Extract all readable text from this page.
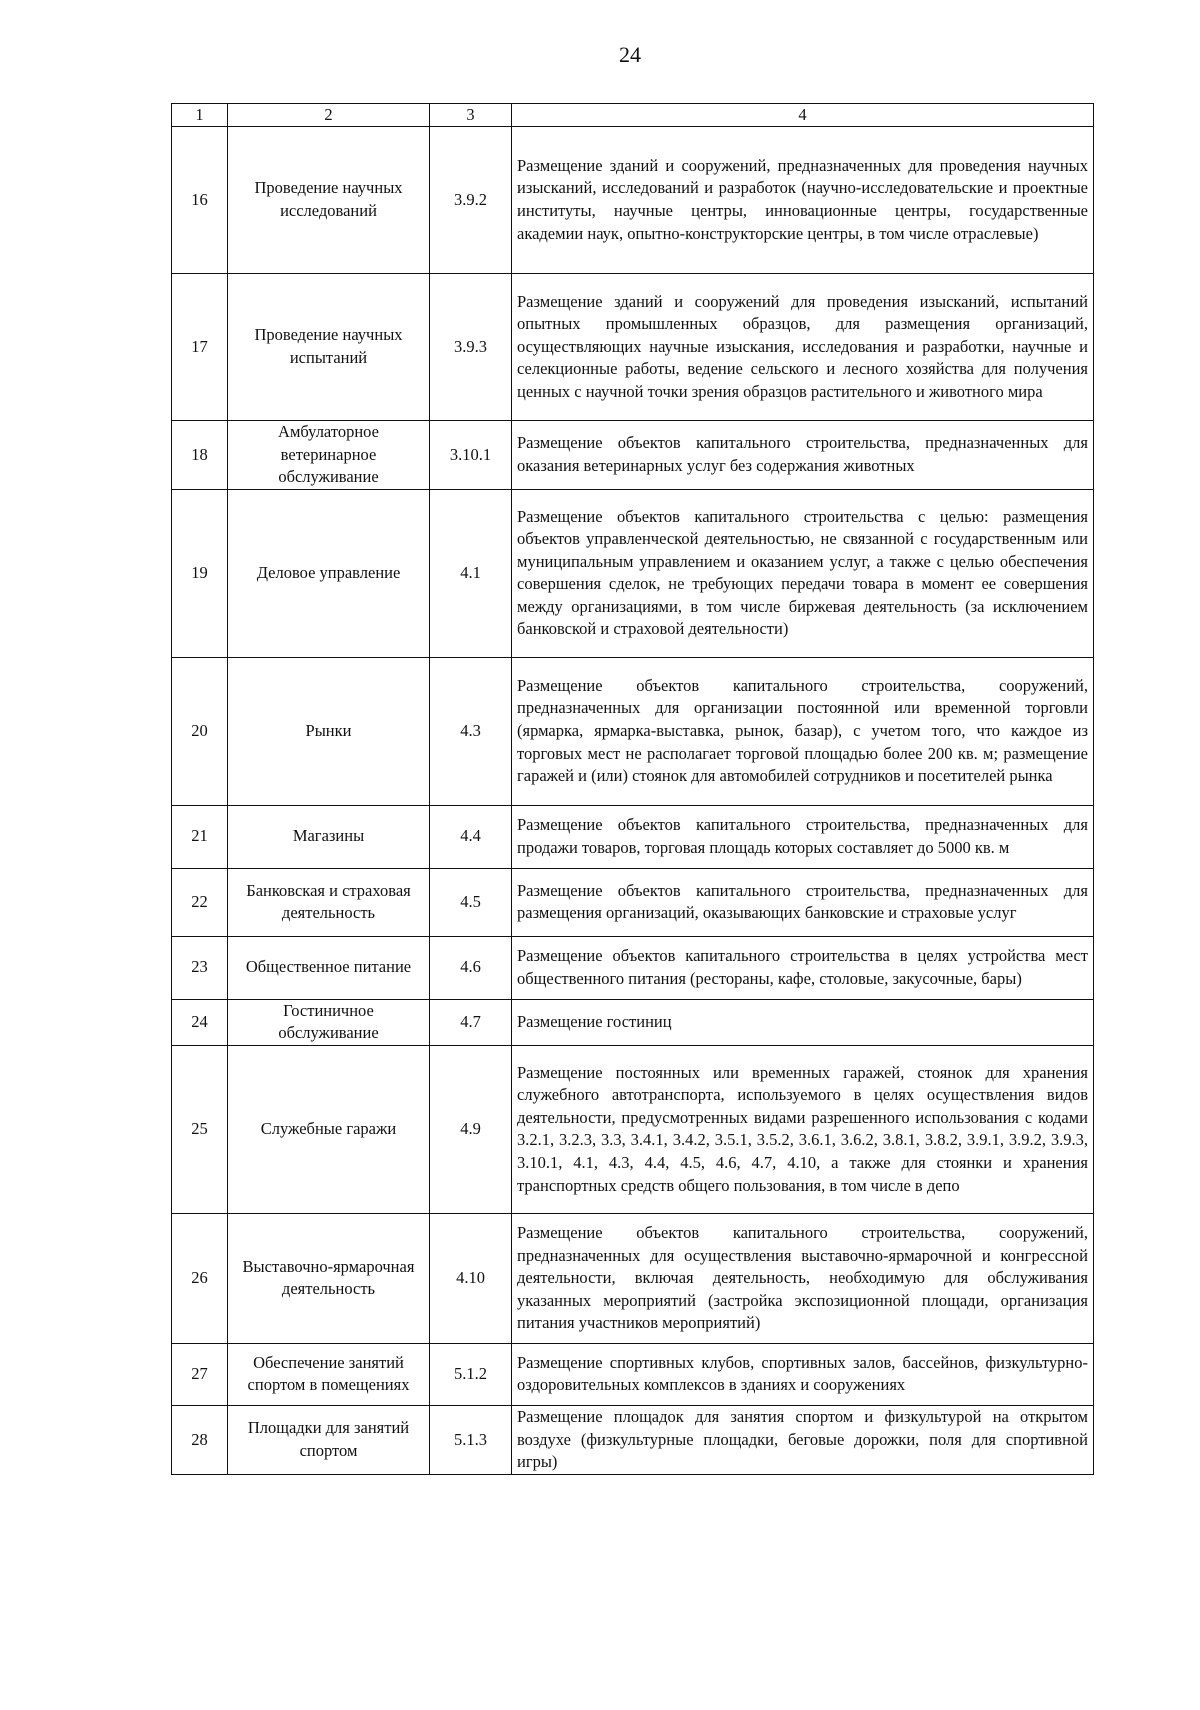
24
1	2	3	4
16	Проведение научных исследований	3.9.2	Размещение зданий и сооружений, предназначенных для проведения научных изысканий, исследований и разработок (научно-исследовательские и проектные институты, научные центры, инновационные центры, государственные академии наук, опытно-конструкторские центры, в том числе отраслевые)
17	Проведение научных испытаний	3.9.3	Размещение зданий и сооружений для проведения изысканий, испытаний опытных промышленных образцов, для размещения организаций, осуществляющих научные изыскания, исследования и разработки, научные и селекционные работы, ведение сельского и лесного хозяйства для получения ценных с научной точки зрения образцов растительного и животного мира
18	Амбулаторное ветеринарное обслуживание	3.10.1	Размещение объектов капитального строительства, предназначенных для оказания ветеринарных услуг без содержания животных
19	Деловое управление	4.1	Размещение объектов капитального строительства с целью: размещения объектов управленческой деятельностью, не связанной с государственным или муниципальным управлением и оказанием услуг, а также с целью обеспечения совершения сделок, не требующих передачи товара в момент ее совершения между организациями, в том числе биржевая деятельность (за исключением банковской и страховой деятельности)
20	Рынки	4.3	Размещение объектов капитального строительства, сооружений, предназначенных для организации постоянной или временной торговли (ярмарка, ярмарка-выставка, рынок, базар), с учетом того, что каждое из торговых мест не располагает торговой площадью более 200 кв. м; размещение гаражей и (или) стоянок для автомобилей сотрудников и посетителей рынка
21	Магазины	4.4	Размещение объектов капитального строительства, предназначенных для продажи товаров, торговая площадь которых составляет до 5000 кв. м
22	Банковская и страховая деятельность	4.5	Размещение объектов капитального строительства, предназначенных для размещения организаций, оказывающих банковские и страховые услуг
23	Общественное питание	4.6	Размещение объектов капитального строительства в целях устройства мест общественного питания (рестораны, кафе, столовые, закусочные, бары)
24	Гостиничное обслуживание	4.7	Размещение гостиниц
25	Служебные гаражи	4.9	Размещение постоянных или временных гаражей, стоянок для хранения служебного автотранспорта, используемого в целях осуществления видов деятельности, предусмотренных видами разрешенного использования с кодами 3.2.1, 3.2.3, 3.3, 3.4.1, 3.4.2, 3.5.1, 3.5.2, 3.6.1, 3.6.2, 3.8.1, 3.8.2, 3.9.1, 3.9.2, 3.9.3, 3.10.1, 4.1, 4.3, 4.4, 4.5, 4.6, 4.7, 4.10, а также для стоянки и хранения транспортных средств общего пользования, в том числе в депо
26	Выставочно-ярмарочная деятельность	4.10	Размещение объектов капитального строительства, сооружений, предназначенных для осуществления выставочно-ярмарочной и конгрессной деятельности, включая деятельность, необходимую для обслуживания указанных мероприятий (застройка экспозиционной площади, организация питания участников мероприятий)
27	Обеспечение занятий спортом в помещениях	5.1.2	Размещение спортивных клубов, спортивных залов, бассейнов, физкультурно-оздоровительных комплексов в зданиях и сооружениях
28	Площадки для занятий спортом	5.1.3	Размещение площадок для занятия спортом и физкультурой на открытом воздухе (физкультурные площадки, беговые дорожки, поля для спортивной игры)
